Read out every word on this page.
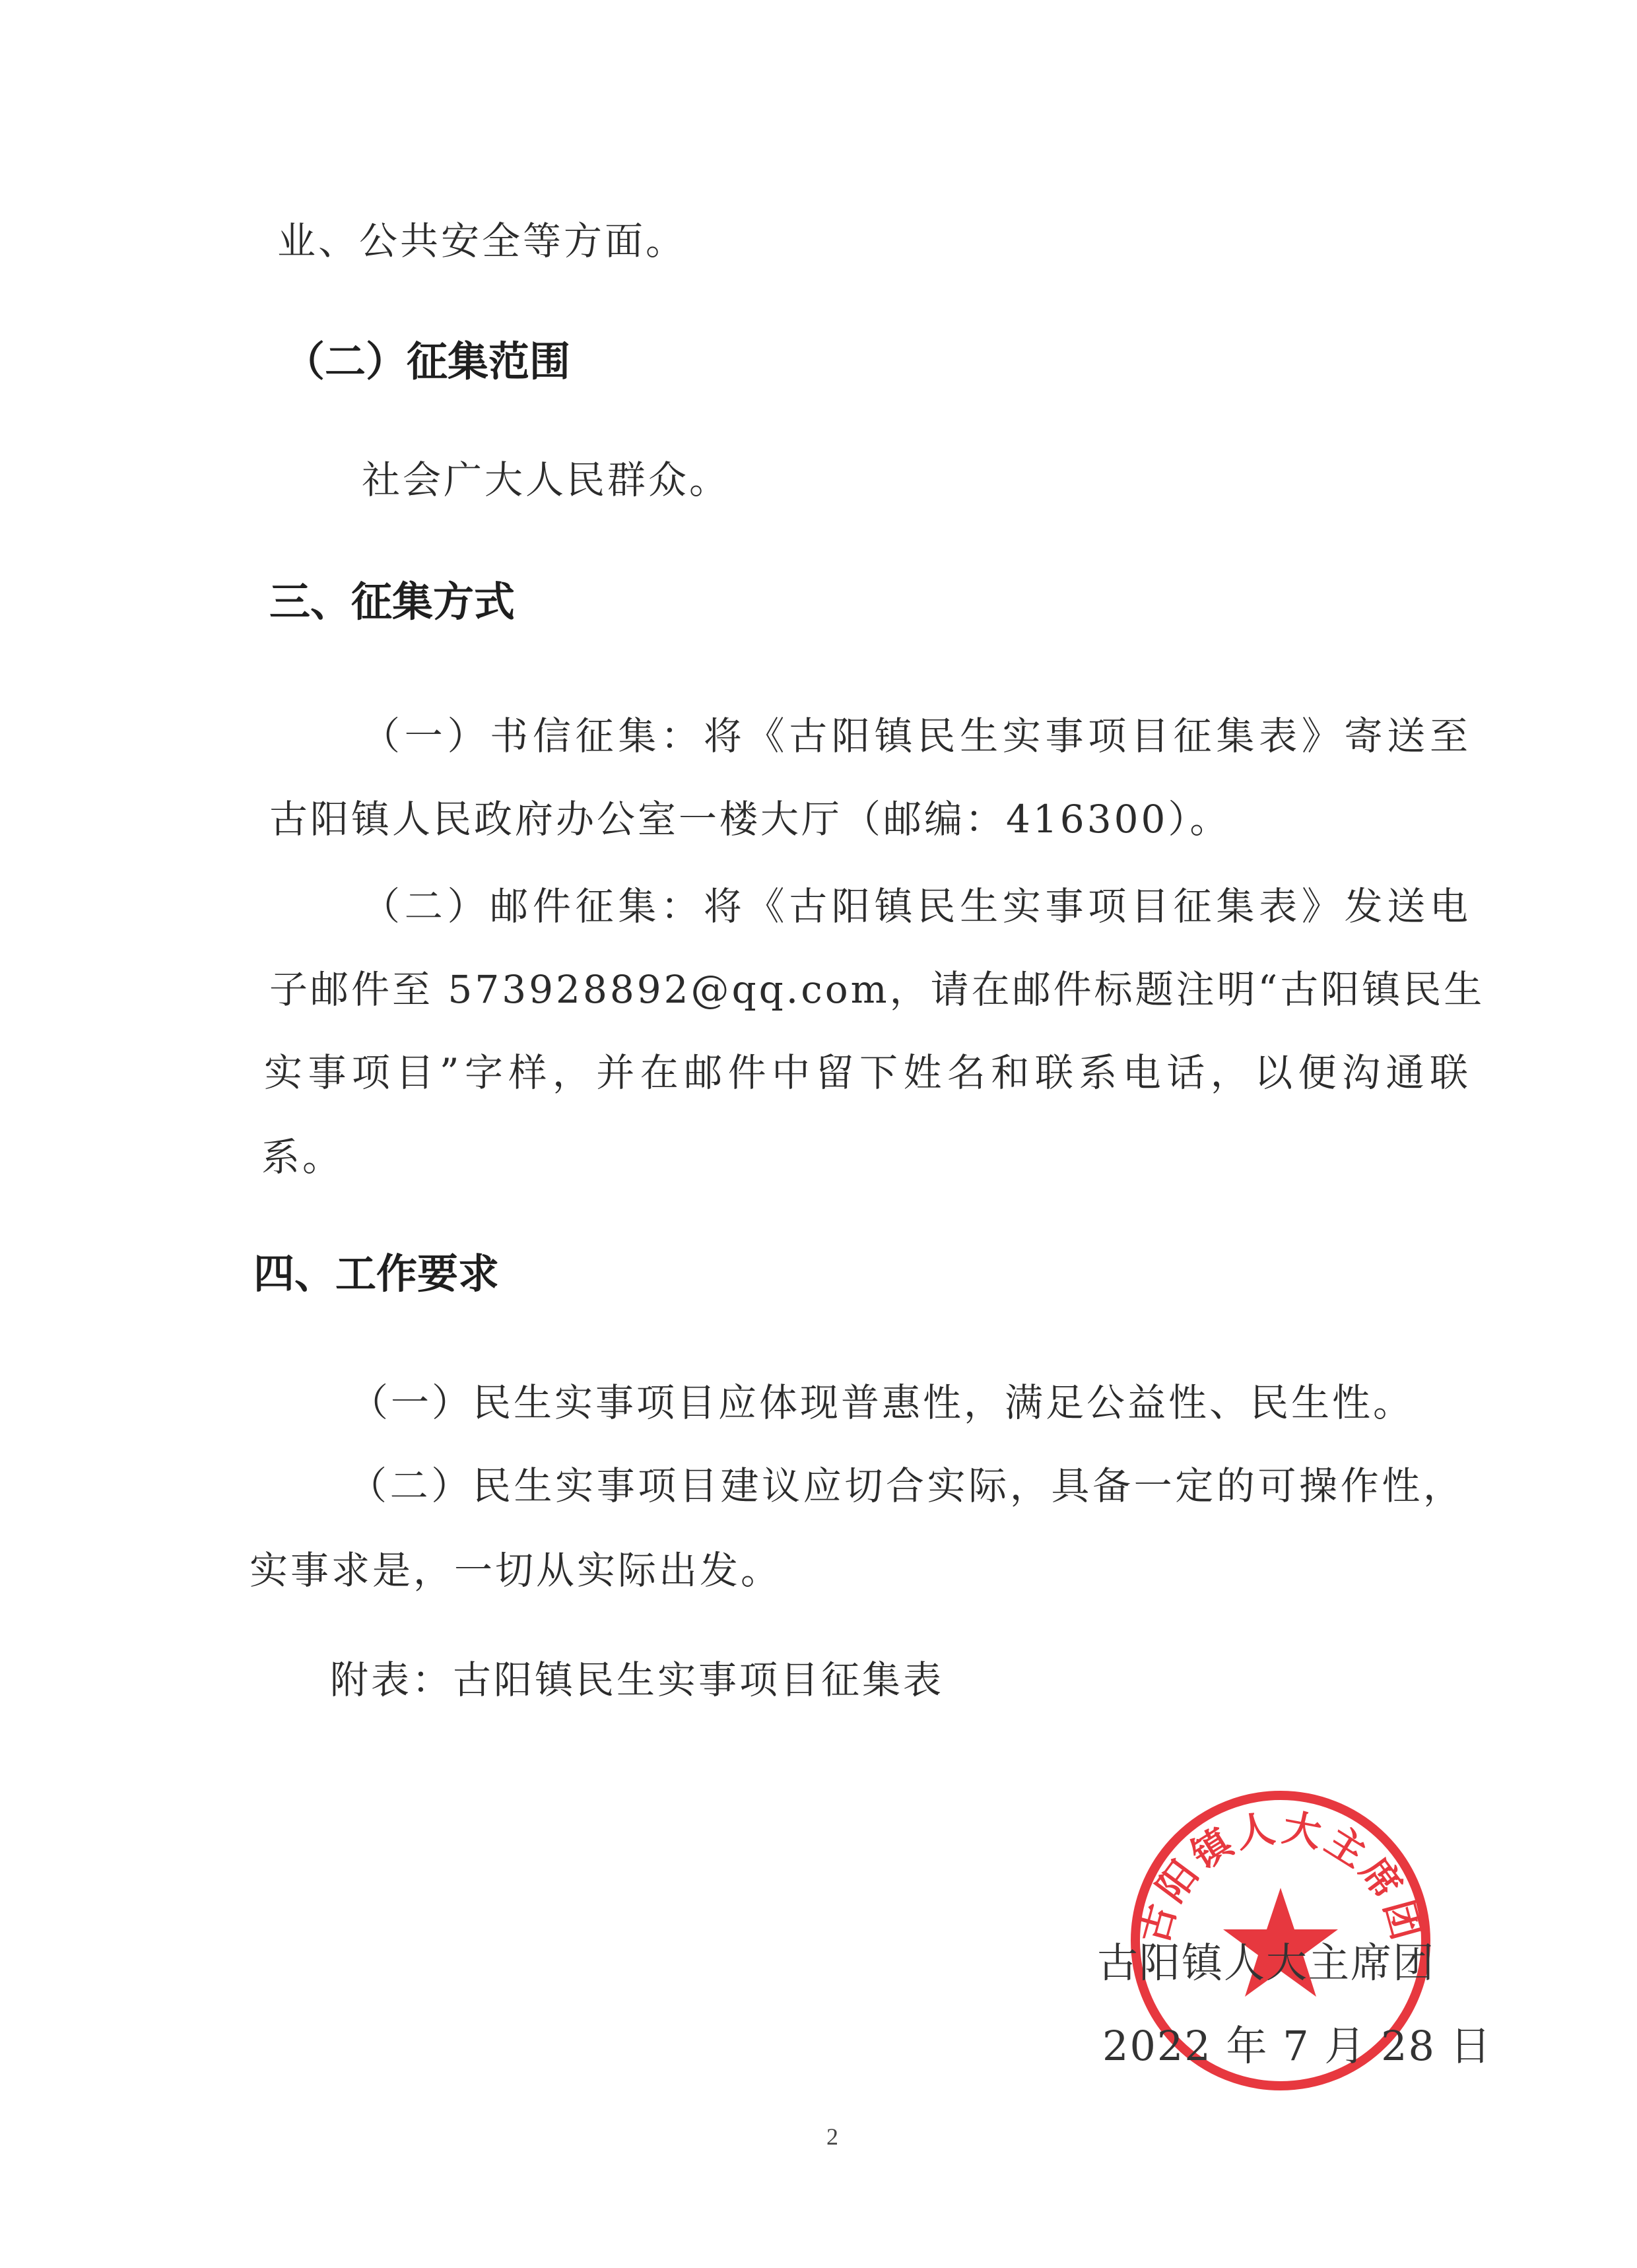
业、公共安全等方面。
（二）征集范围
社会广大人民群众。
三、征集方式
（一）书信征集：将《古阳镇民生实事项目征集表》寄送至
古阳镇人民政府办公室一楼大厅（邮编：416300）。
（二）邮件征集：将《古阳镇民生实事项目征集表》发送电
子邮件至 573928892@qq.com，请在邮件标题注明“古阳镇民生
实事项目”字样，并在邮件中留下姓名和联系电话，以便沟通联
系。
四、工作要求
（一）民生实事项目应体现普惠性，满足公益性、民生性。
（二）民生实事项目建议应切合实际，具备一定的可操作性，
实事求是，一切从实际出发。
附表：古阳镇民生实事项目征集表
古阳镇人大主席团
古阳镇人大主席团
2022 年 7 月 28 日
2
